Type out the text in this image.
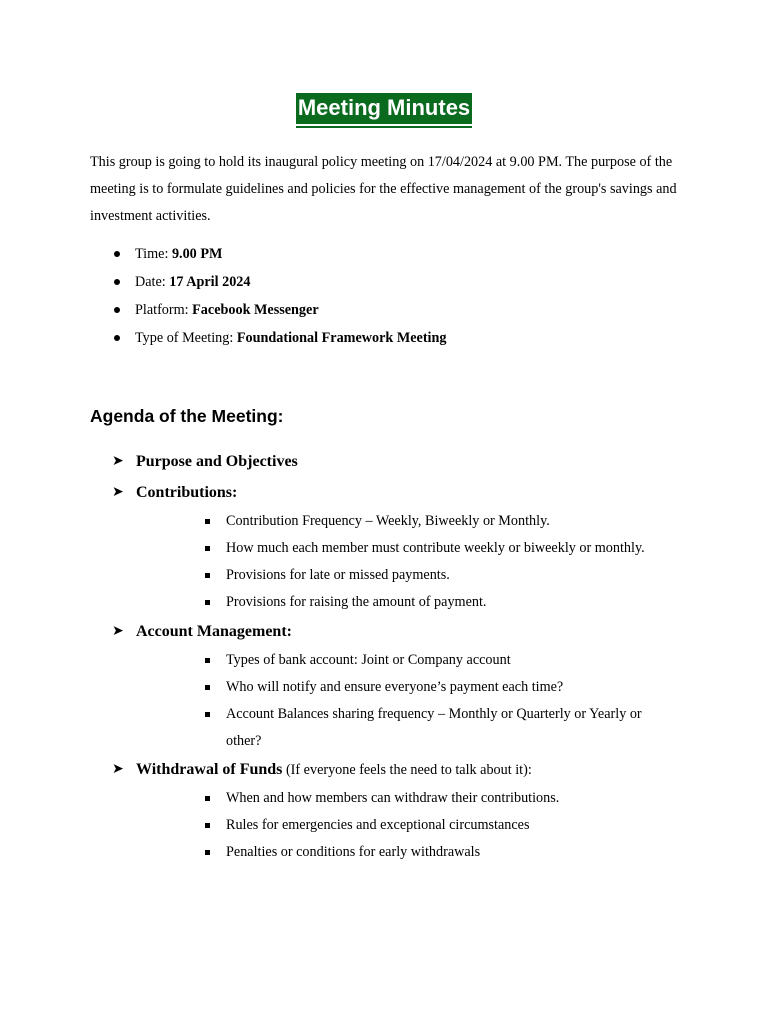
Meeting Minutes

This group is going to hold its inaugural policy meeting on 17/04/2024 at 9.00 PM. The purpose of the meeting is to formulate guidelines and policies for the effective management of the group's savings and investment activities.

Time: 9.00 PM
Date: 17 April 2024
Platform: Facebook Messenger
Type of Meeting: Foundational Framework Meeting
Agenda of the Meeting:
➤ Purpose and Objectives
➤ Contributions:
Contribution Frequency – Weekly, Biweekly or Monthly.
How much each member must contribute weekly or biweekly or monthly.
Provisions for late or missed payments.
Provisions for raising the amount of payment.
➤ Account Management:
Types of bank account: Joint or Company account
Who will notify and ensure everyone’s payment each time?
Account Balances sharing frequency – Monthly or Quarterly or Yearly or other?
➤ Withdrawal of Funds (If everyone feels the need to talk about it):
When and how members can withdraw their contributions.
Rules for emergencies and exceptional circumstances
Penalties or conditions for early withdrawals
